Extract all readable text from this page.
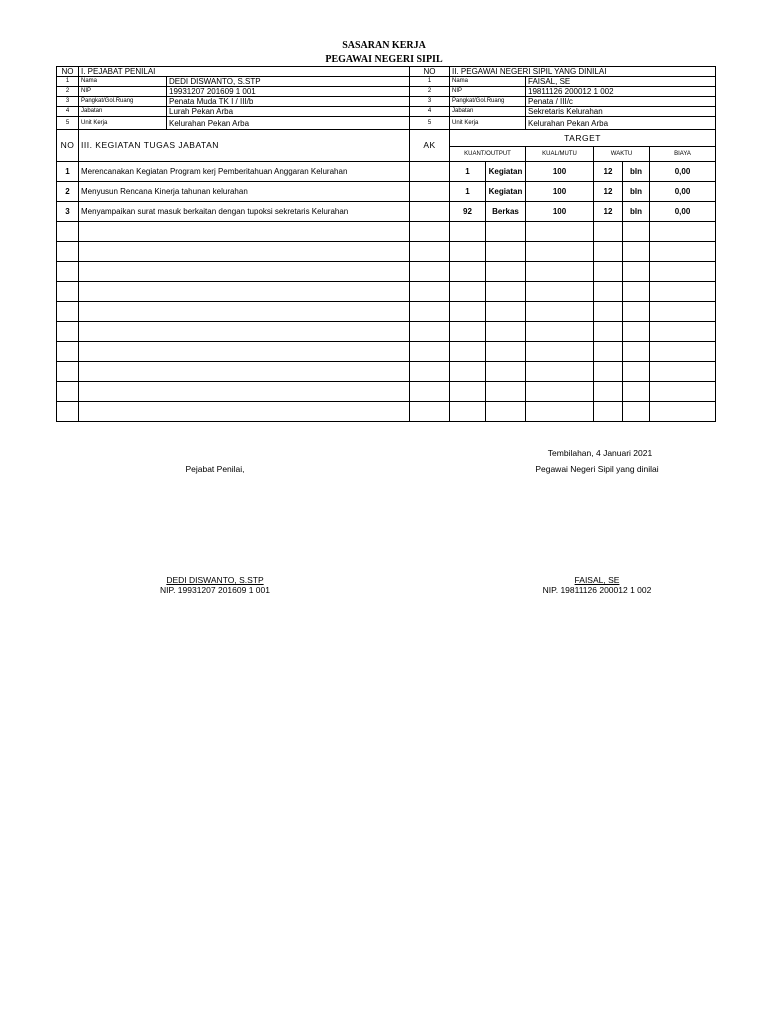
SASARAN KERJA
PEGAWAI NEGERI SIPIL
NO	I. PEJABAT PENILAI		NO	II. PEGAWAI NEGERI SIPIL YANG DINILAI					
1	Nama	DEDI DISWANTO, S.STP	1	Nama		FAISAL, SE			
2	NIP	19931207 201609 1 001	2	NIP		19811126 200012 1 002			
3	Pangkat/Gol.Ruang	Penata Muda TK I / III/b	3	Pangkat/Gol.Ruang		Penata / III/c			
4	Jabatan	Lurah Pekan Arba	4	Jabatan		Sekretaris Kelurahan			
5	Unit Kerja	Kelurahan Pekan Arba	5	Unit Kerja		Kelurahan Pekan Arba			
NO	III. KEGIATAN TUGAS JABATAN		AK	TARGET					
				KUANT/OUTPUT		KUAL/MUTU	WAKTU		BIAYA
1	Merencanakan Kegiatan Program kerj Pemberitahuan Anggaran Kelurahan			1	Kegiatan	100	12	bln	0,00
2	Menyusun Rencana Kinerja tahunan kelurahan			1	Kegiatan	100	12	bln	0,00
3	Menyampaikan surat masuk berkaitan dengan tupoksi sekretaris Kelurahan			92	Berkas	100	12	bln	0,00

Tembilahan, 4 Januari 2021
Pejabat Penilai,	Pegawai Negeri Sipil yang dinilai
DEDI DISWANTO, S.STP
NIP. 19931207 201609 1 001
FAISAL, SE
NIP. 19811126 200012 1 002
